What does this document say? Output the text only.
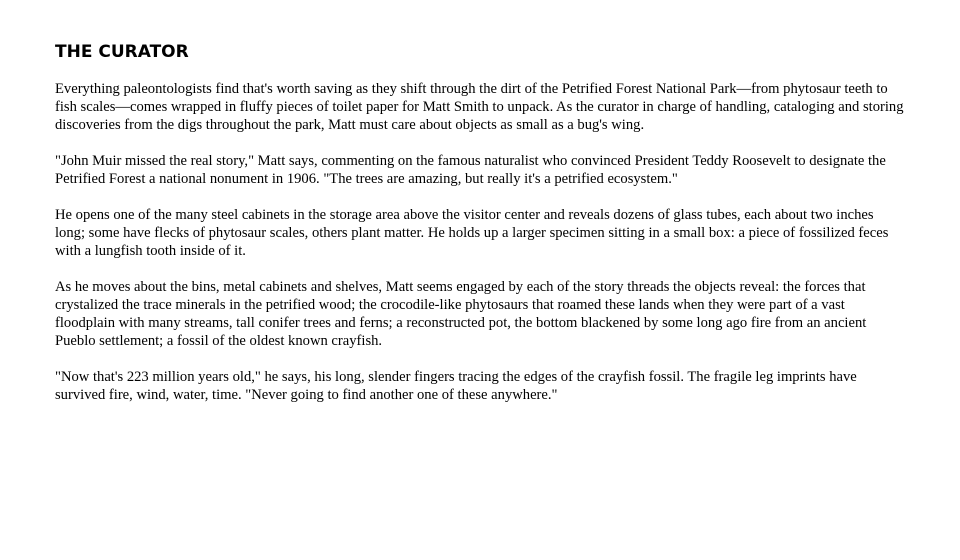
THE CURATOR

Everything paleontologists find that's worth saving as they shift through the dirt of the Petrified Forest National Park—from phytosaur teeth to fish scales—comes wrapped in fluffy pieces of toilet paper for Matt Smith to unpack. As the curator in charge of handling, cataloging and storing discoveries from the digs throughout the park, Matt must care about objects as small as a bug's wing.

"John Muir missed the real story," Matt says, commenting on the famous naturalist who convinced President Teddy Roosevelt to designate the Petrified Forest a national nonument in 1906. "The trees are amazing, but really it's a petrified ecosystem."

He opens one of the many steel cabinets in the storage area above the visitor center and reveals dozens of glass tubes, each about two inches long; some have flecks of phytosaur scales, others plant matter. He holds up a larger specimen sitting in a small box: a piece of fossilized feces with a lungfish tooth inside of it.

As he moves about the bins, metal cabinets and shelves, Matt seems engaged by each of the story threads the objects reveal: the forces that crystalized the trace minerals in the petrified wood; the crocodile-like phytosaurs that roamed these lands when they were part of a vast floodplain with many streams, tall conifer trees and ferns; a reconstructed pot, the bottom blackened by some long ago fire from an ancient Pueblo settlement; a fossil of the oldest known crayfish.

"Now that's 223 million years old," he says, his long, slender fingers tracing the edges of the crayfish fossil. The fragile leg imprints have survived fire, wind, water, time. "Never going to find another one of these anywhere."
